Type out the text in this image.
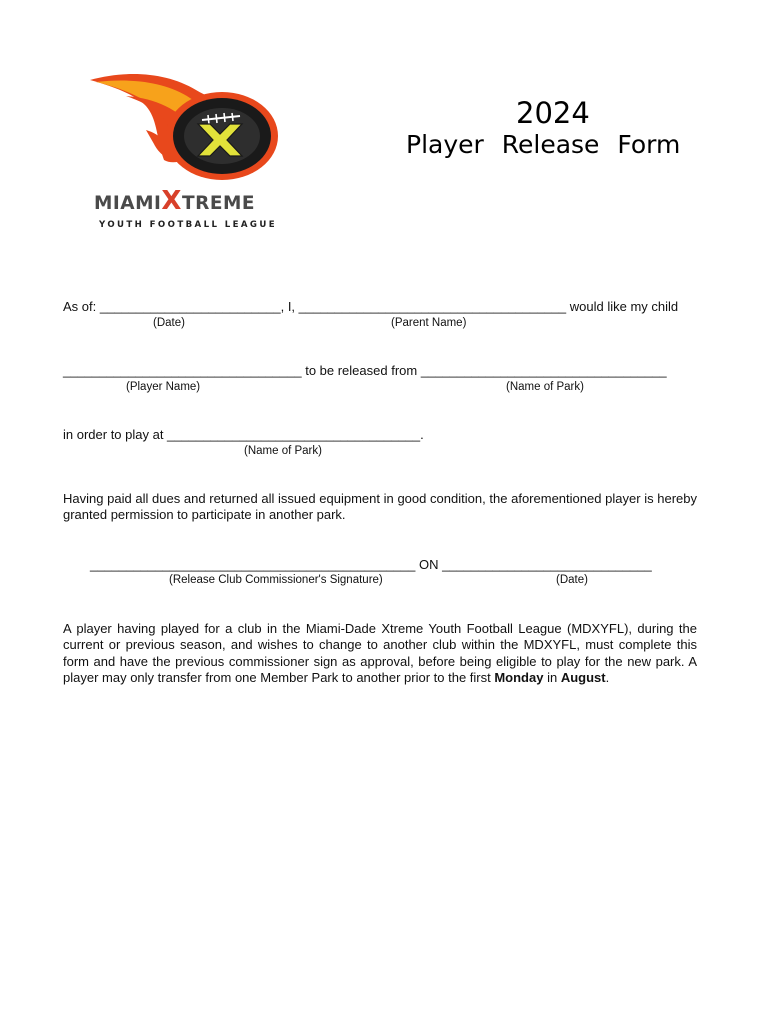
MIAMIXTREME
YOUTH FOOTBALL LEAGUE
2024
Player Release Form
As of: _________________________, I, _____________________________________ would like my child
(Date)	(Parent Name)
_________________________________ to be released from __________________________________
(Player Name)	(Name of Park)
in order to play at ___________________________________.
(Name of Park)
Having paid all dues and returned all issued equipment in good condition, the aforementioned player is hereby granted permission to participate in another park.
_____________________________________________ ON _____________________________
(Release Club Commissioner's Signature)	(Date)
A player having played for a club in the Miami-Dade Xtreme Youth Football League (MDXYFL), during the current or previous season, and wishes to change to another club within the MDXYFL, must complete this form and have the previous commissioner sign as approval, before being eligible to play for the new park. A player may only transfer from one Member Park to another prior to the first Monday in August.
